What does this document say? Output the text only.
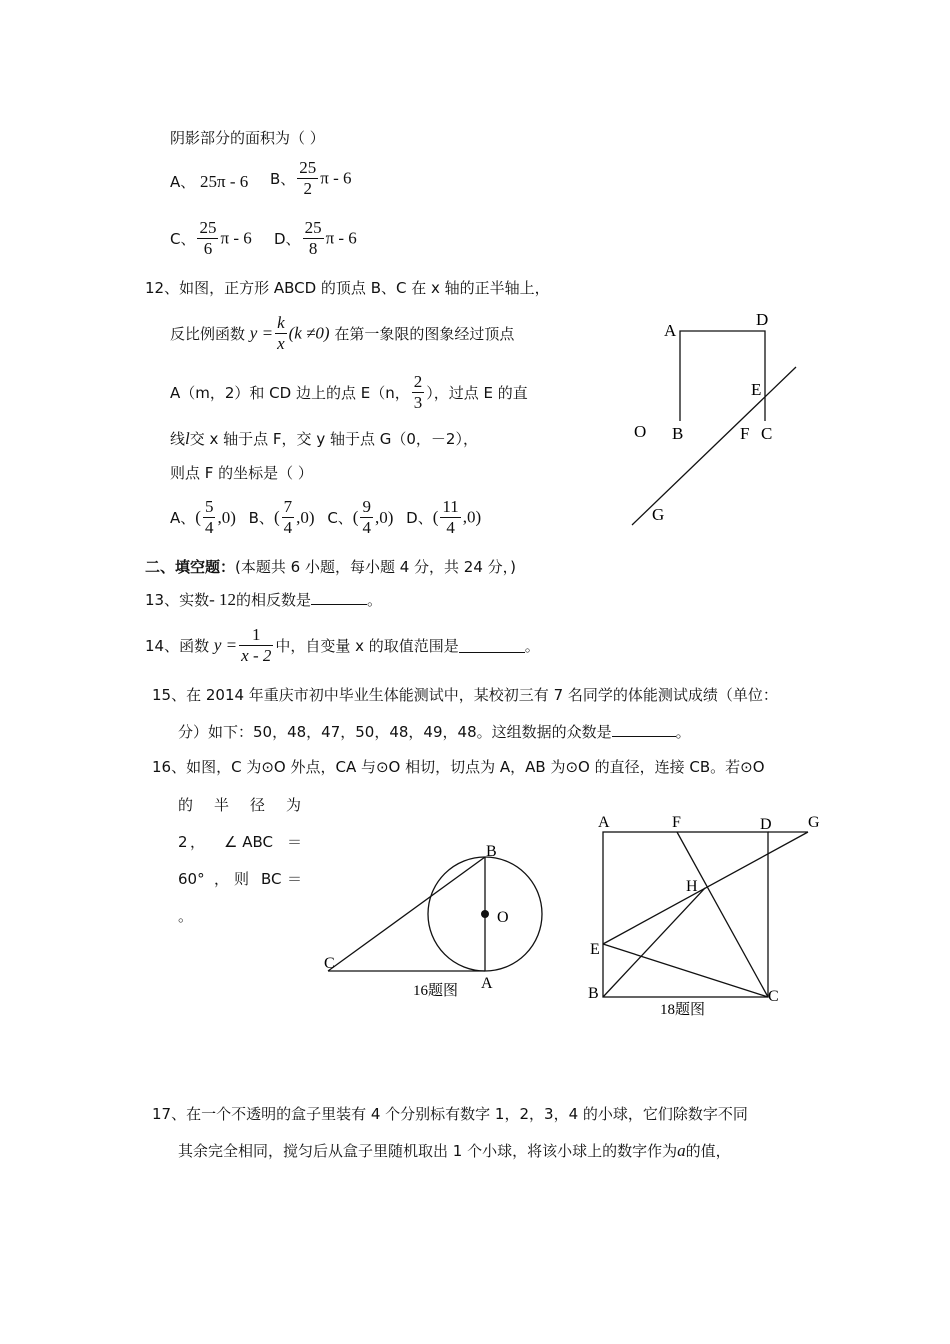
阴影部分的面积为（ ）
A、 25π - 6 B、 $\frac{25}{2}$ π - 6
C、 $\frac{25}{6}$ π - 6 D、 $\frac{25}{8}$ π - 6
12、如图，正方形 ABCD 的顶点 B、C 在 x 轴的正半轴上，
反比例函数 $y = \frac{k}{x} (k \ne 0)$ 在第一象限的图象经过顶点
A（m，2）和 CD 边上的点 E（n， $\frac{2}{3}$ ），过点 E 的直
线l交 x 轴于点 F，交 y 轴于点 G（0，－2），
则点 F 的坐标是（ ）
A、( $\frac{5}{4} ,0$) B、( $\frac{7}{4} ,0$) C、( $\frac{9}{4} ,0$) D、( $\frac{11}{4} ,0$)
A
D
E
O B	F C
G
二、填空题：(本题共 6 小题，每小题 4 分，共 24 分，)
13、实数- 12的相反数是	。
14、函数 $y = \frac{1}{x - 2}$ 中，自变量 x 的取值范围是	。
15、在 2014 年重庆市初中毕业生体能测试中，某校初三有 7 名同学的体能测试成绩（单位：
分）如下：50，48，47，50，48，49，48。这组数据的众数是	。
16、如图，C 为⊙O 外点，CA 与⊙O 相切，切点为 A，AB 为⊙O 的直径，连接 CB。若⊙O
的 半 径 为
2 ， ∠ ABC ＝
60° ， 则 BC ＝
。
B
O
C
A
16题图
A	F	D G
H
E
B	C
18题图
17、在一个不透明的盒子里装有 4 个分别标有数字 1，2，3，4 的小球，它们除数字不同
其余完全相同，搅匀后从盒子里随机取出 1 个小球，将该小球上的数字作为a的值，
